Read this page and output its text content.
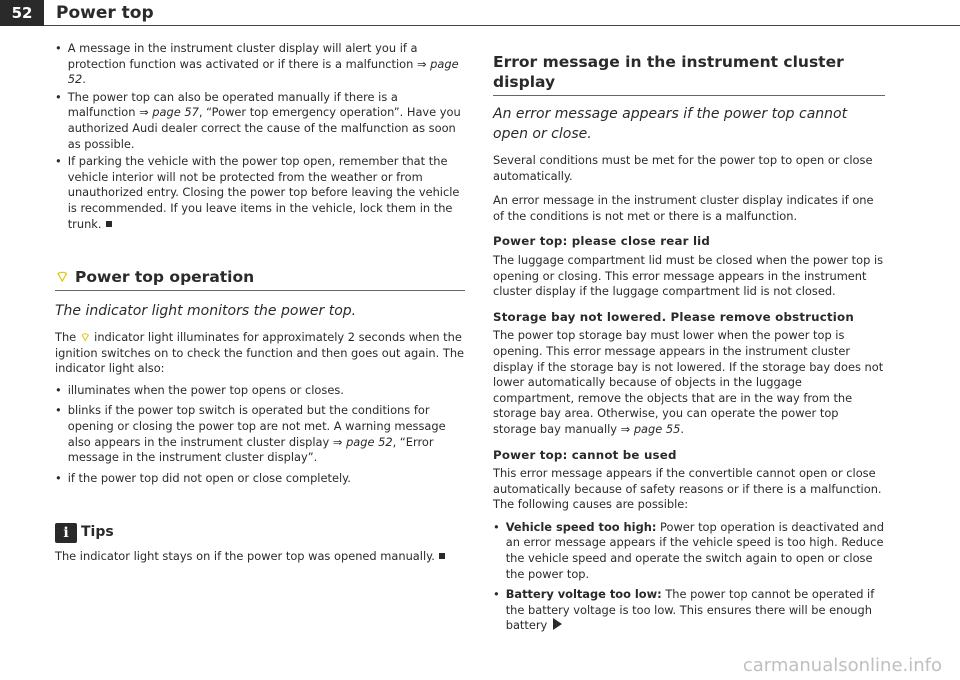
52	Power top
• A message in the instrument cluster display will alert you if a protection function was activated or if there is a malfunction ⇒ page 52.

• The power top can also be operated manually if there is a malfunction ⇒ page 57, “Power top emergency operation”. Have you authorized Audi dealer correct the cause of the malfunction as soon as possible.

• If parking the vehicle with the power top open, remember that the vehicle interior will not be protected from the weather or from unauthorized entry. Closing the power top before leaving the vehicle is recommended. If you leave items in the vehicle, lock them in the trunk.

⌔ Power top operation
The indicator light monitors the power top.

The ⌔ indicator light illuminates for approximately 2 seconds when the ignition switches on to check the function and then goes out again. The indicator light also:

• illuminates when the power top opens or closes.

• blinks if the power top switch is operated but the conditions for opening or closing the power top are not met. A warning message also appears in the instrument cluster display ⇒ page 52, “Error message in the instrument cluster display”.

• if the power top did not open or close completely.

i Tips

The indicator light stays on if the power top was opened manually.

Error message in the instrument cluster display
An error message appears if the power top cannot open or close.

Several conditions must be met for the power top to open or close automatically.

An error message in the instrument cluster display indicates if one of the conditions is not met or there is a malfunction.

Power top: please close rear lid

The luggage compartment lid must be closed when the power top is opening or closing. This error message appears in the instrument cluster display if the luggage compartment lid is not closed.

Storage bay not lowered. Please remove obstruction

The power top storage bay must lower when the power top is opening. This error message appears in the instrument cluster display if the storage bay is not lowered. If the storage bay does not lower automatically because of objects in the luggage compartment, remove the objects that are in the way from the storage bay area. Otherwise, you can operate the power top storage bay manually ⇒ page 55.

Power top: cannot be used

This error message appears if the convertible cannot open or close automatically because of safety reasons or if there is a malfunction. The following causes are possible:

• Vehicle speed too high: Power top operation is deactivated and an error message appears if the vehicle speed is too high. Reduce the vehicle speed and operate the switch again to open or close the power top.

• Battery voltage too low: The power top cannot be operated if the battery voltage is too low. This ensures there will be enough battery

carmanualsonline.info
